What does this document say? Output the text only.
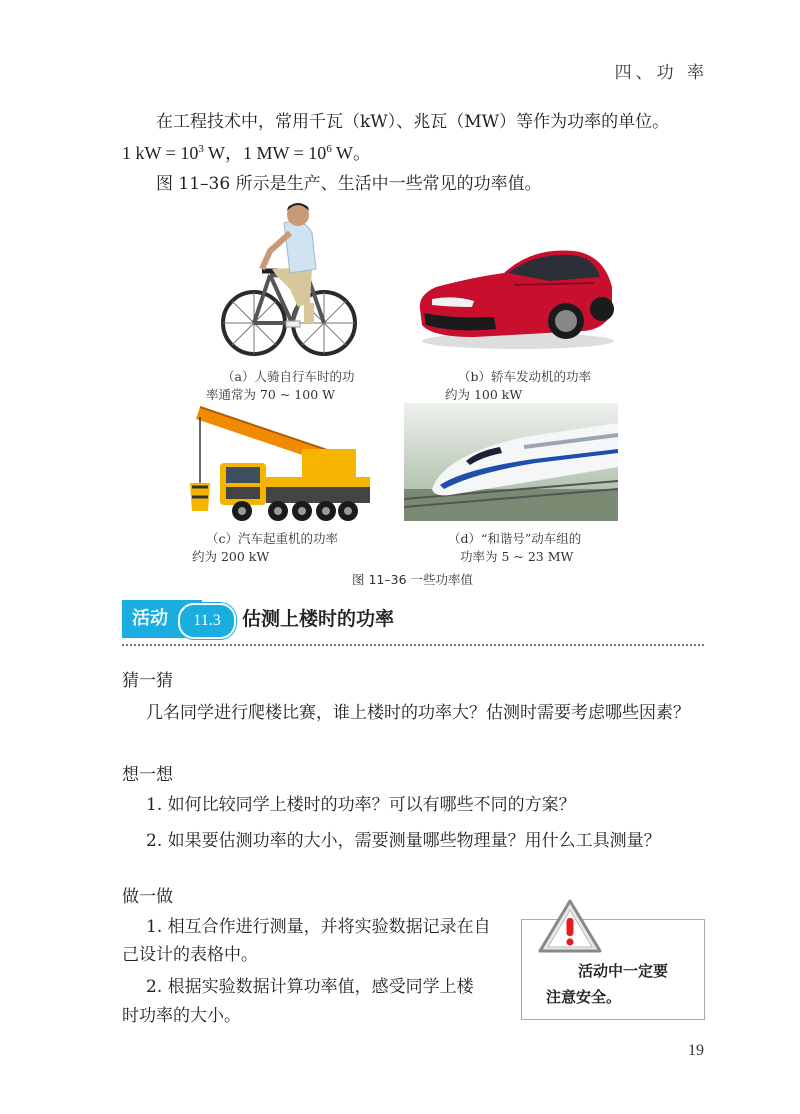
四、功 率
在工程技术中，常用千瓦（kW）、兆瓦（MW）等作为功率的单位。
1 kW = $10^3$ W，1 MW = $10^6$ W。
图 11–36 所示是生产、生活中一些常见的功率值。
（a）人骑自行车时的功
率通常为 70 ~ 100 W
（b）轿车发动机的功率
约为 100 kW
（c）汽车起重机的功率
约为 200 kW
（d）“和谐号”动车组的
功率为 5 ~ 23 MW
图 11–36 一些功率值
活动	11.3	估测上楼时的功率
猜一猜
几名同学进行爬楼比赛，谁上楼时的功率大？估测时需要考虑哪些因素？
想一想
1. 如何比较同学上楼时的功率？可以有哪些不同的方案？
2. 如果要估测功率的大小，需要测量哪些物理量？用什么工具测量？
做一做
1. 相互合作进行测量，并将实验数据记录在自
己设计的表格中。
2. 根据实验数据计算功率值，感受同学上楼
时功率的大小。
活动中一定要
注意安全。
19
